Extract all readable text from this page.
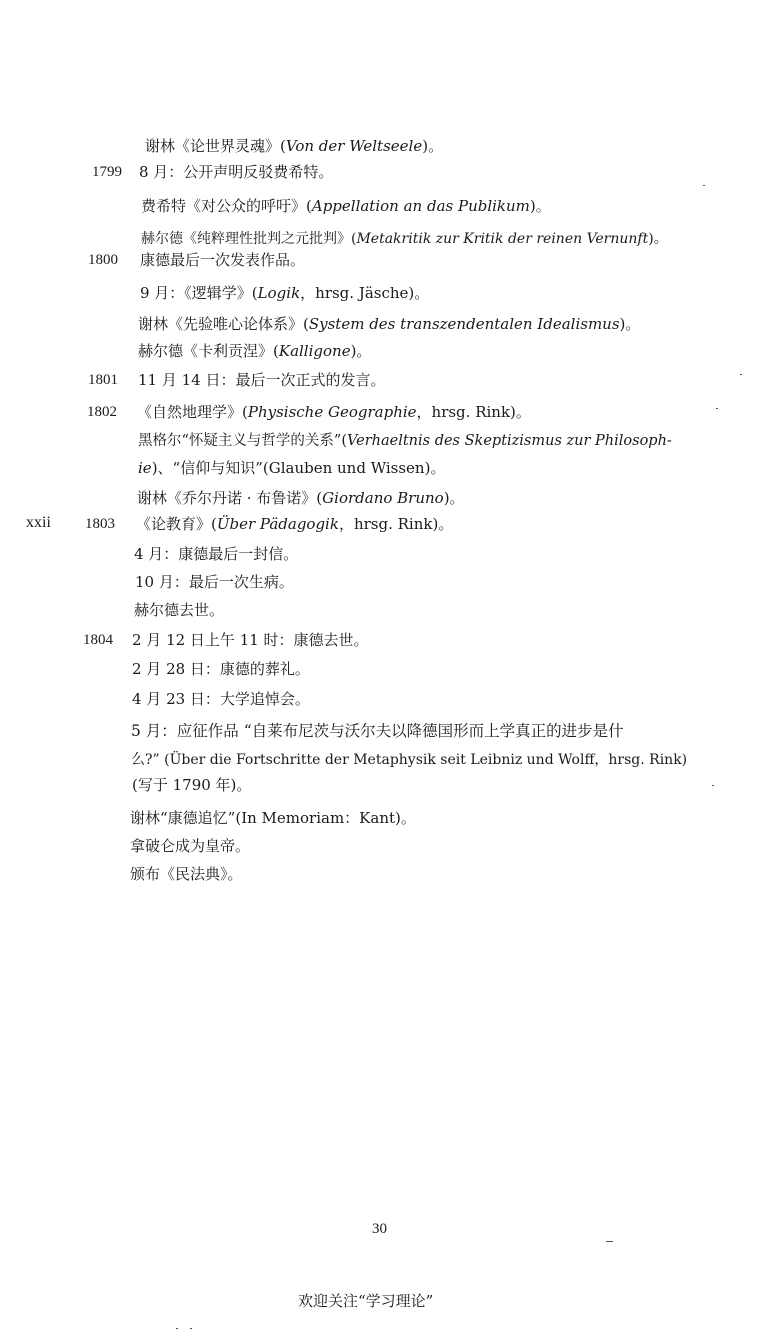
xxii
谢林《论世界灵魂》(Von der Weltseele)。
1799 8 月：公开声明反驳费希特。
费希特《对公众的呼吁》(Appellation an das Publikum)。
赫尔德《纯粹理性批判之元批判》(Metakritik zur Kritik der reinen Vernunft)。
1800 康德最后一次发表作品。
9 月：《逻辑学》(Logik，hrsg. Jäsche)。
谢林《先验唯心论体系》(System des transzendentalen Idealismus)。
赫尔德《卡利贡涅》(Kalligone)。
1801 11 月 14 日：最后一次正式的发言。
1802 《自然地理学》(Physische Geographie，hrsg. Rink)。
黑格尔“怀疑主义与哲学的关系”(Verhaeltnis des Skeptizismus zur Philosoph-
ie)、“信仰与知识”(Glauben und Wissen)。
谢林《乔尔丹诺 · 布鲁诺》(Giordano Bruno)。
1803 《论教育》(Über Pädagogik，hrsg. Rink)。
4 月：康德最后一封信。
10 月：最后一次生病。
赫尔德去世。
1804 2 月 12 日上午 11 时：康德去世。
2 月 28 日：康德的葬礼。
4 月 23 日：大学追悼会。
5 月：应征作品 “自莱布尼茨与沃尔夫以降德国形而上学真正的进步是什
么?” (Über die Fortschritte der Metaphysik seit Leibniz und Wolff，hrsg. Rink)
(写于 1790 年)。
谢林“康德追忆”(In Memoriam：Kant)。
拿破仑成为皇帝。
颁布《民法典》。
30
欢迎关注“学习理论”
